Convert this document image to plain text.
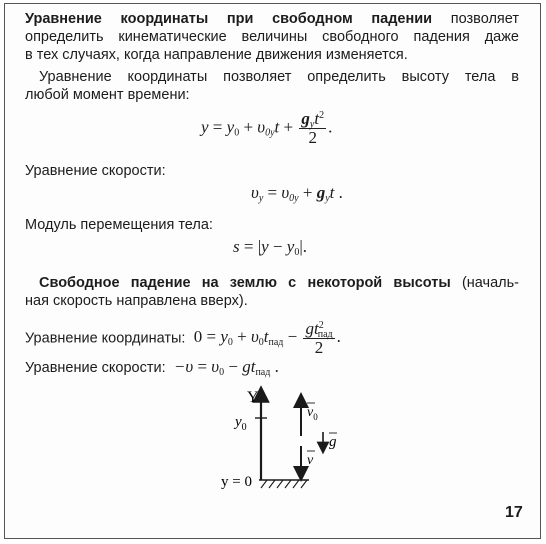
Уравнение координаты при свободном падении позволяет
определить кинематические величины свободного падения даже
в тех случаях, когда направление движения изменяется.
Уравнение координаты позволяет определить высоту тела в
любой момент времени:
$y = y_0 + \upsilon_{0y}t + \frac{g_yt^2}{2}$ .
Уравнение скорости:
$\upsilon_y = \upsilon_{0y} + g_yt$ .
Модуль перемещения тела:
$s = |y - y_0|$.
Свободное падение на землю с некоторой высоты (началь-
ная скорость направлена вверх).
Уравнение координаты: $0 = y_0 + \upsilon_0t_{пад} - \frac{gt^2_{пад}}{2}$ .
Уравнение скорости: $-\upsilon = \upsilon_0 - gt_{пад}$ .
Y
$y_0$
y = 0
$v_0$
g
v
17
